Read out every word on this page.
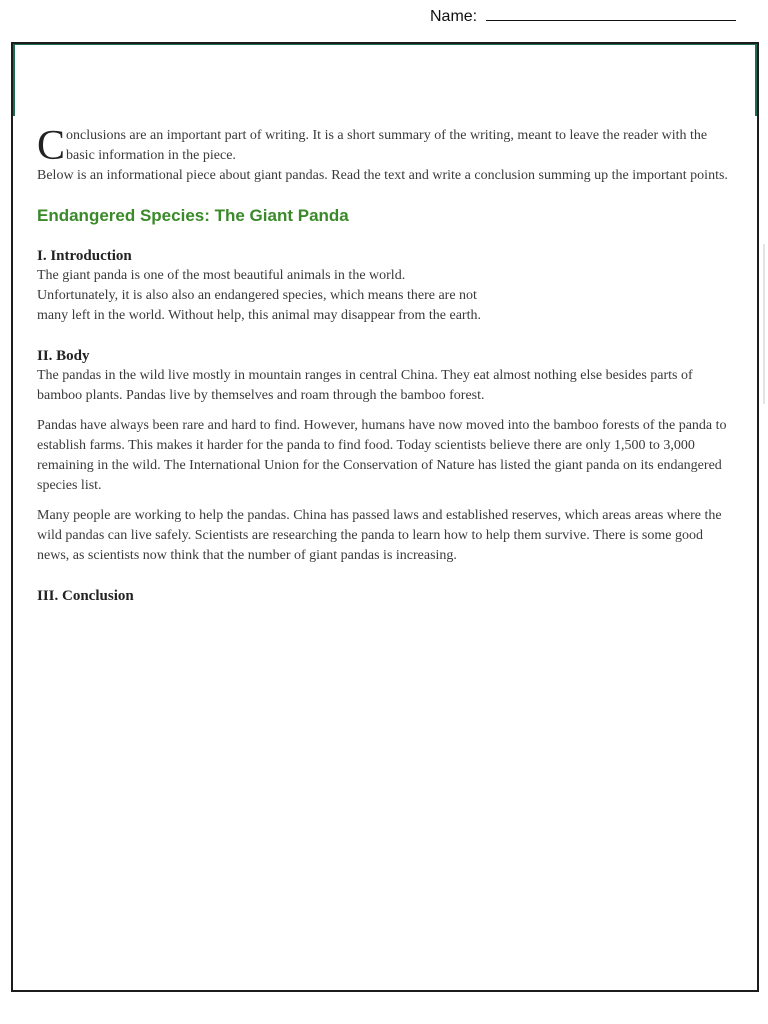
Name:

Conclusions are an important part of writing. It is a short summary of the writing, meant to leave the reader with the basic information in the piece.

Below is an informational piece about giant pandas. Read the text and write a conclusion summing up the important points.

Endangered Species: The Giant Panda
I. Introduction

The giant panda is one of the most beautiful animals in the world.
Unfortunately, it is also also an endangered species, which means there are not
many left in the world. Without help, this animal may disappear from the earth.

II. Body

The pandas in the wild live mostly in mountain ranges in central China. They eat almost nothing else besides parts of bamboo plants. Pandas live by themselves and roam through the bamboo forest.

Pandas have always been rare and hard to find. However, humans have now moved into the bamboo forests of the panda to establish farms. This makes it harder for the panda to find food. Today scientists believe there are only 1,500 to 3,000 remaining in the wild. The International Union for the Conservation of Nature has listed the giant panda on its endangered species list.

Many people are working to help the pandas. China has passed laws and established reserves, which areas areas where the wild pandas can live safely. Scientists are researching the panda to learn how to help them survive. There is some good news, as scientists now think that the number of giant pandas is increasing.

III. Conclusion
